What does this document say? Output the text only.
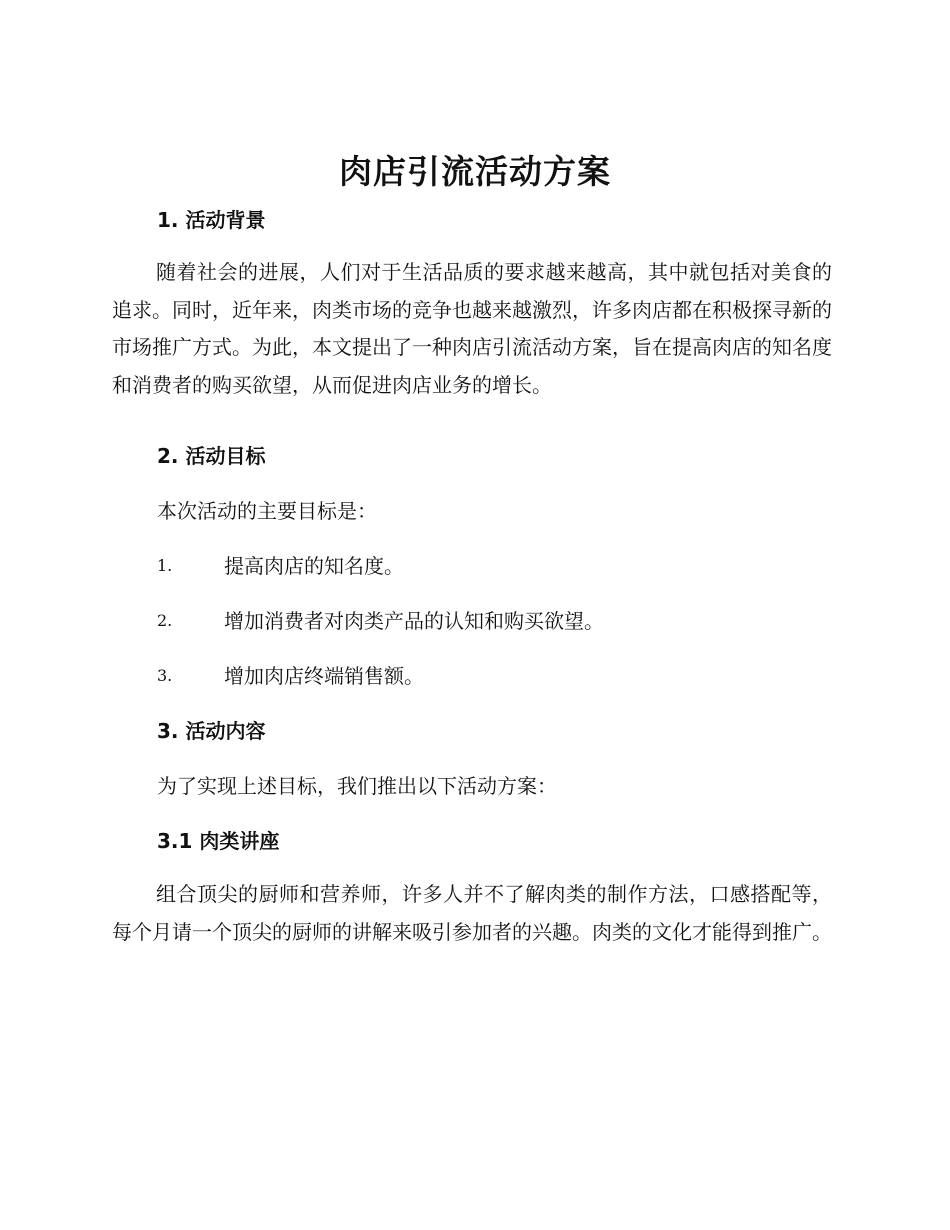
肉店引流活动方案
1. 活动背景

随着社会的进展，人们对于生活品质的要求越来越高，其中就包括对美食的追求。同时，近年来，肉类市场的竞争也越来越激烈，许多肉店都在积极探寻新的市场推广方式。为此，本文提出了一种肉店引流活动方案，旨在提高肉店的知名度和消费者的购买欲望，从而促进肉店业务的增长。

2. 活动目标
本次活动的主要目标是：
1.	提高肉店的知名度。
2.	增加消费者对肉类产品的认知和购买欲望。
3.	增加肉店终端销售额。
3. 活动内容
为了实现上述目标，我们推出以下活动方案：
3.1 肉类讲座

组合顶尖的厨师和营养师，许多人并不了解肉类的制作方法，口感搭配等，每个月请一个顶尖的厨师的讲解来吸引参加者的兴趣。肉类的文化才能得到推广。
